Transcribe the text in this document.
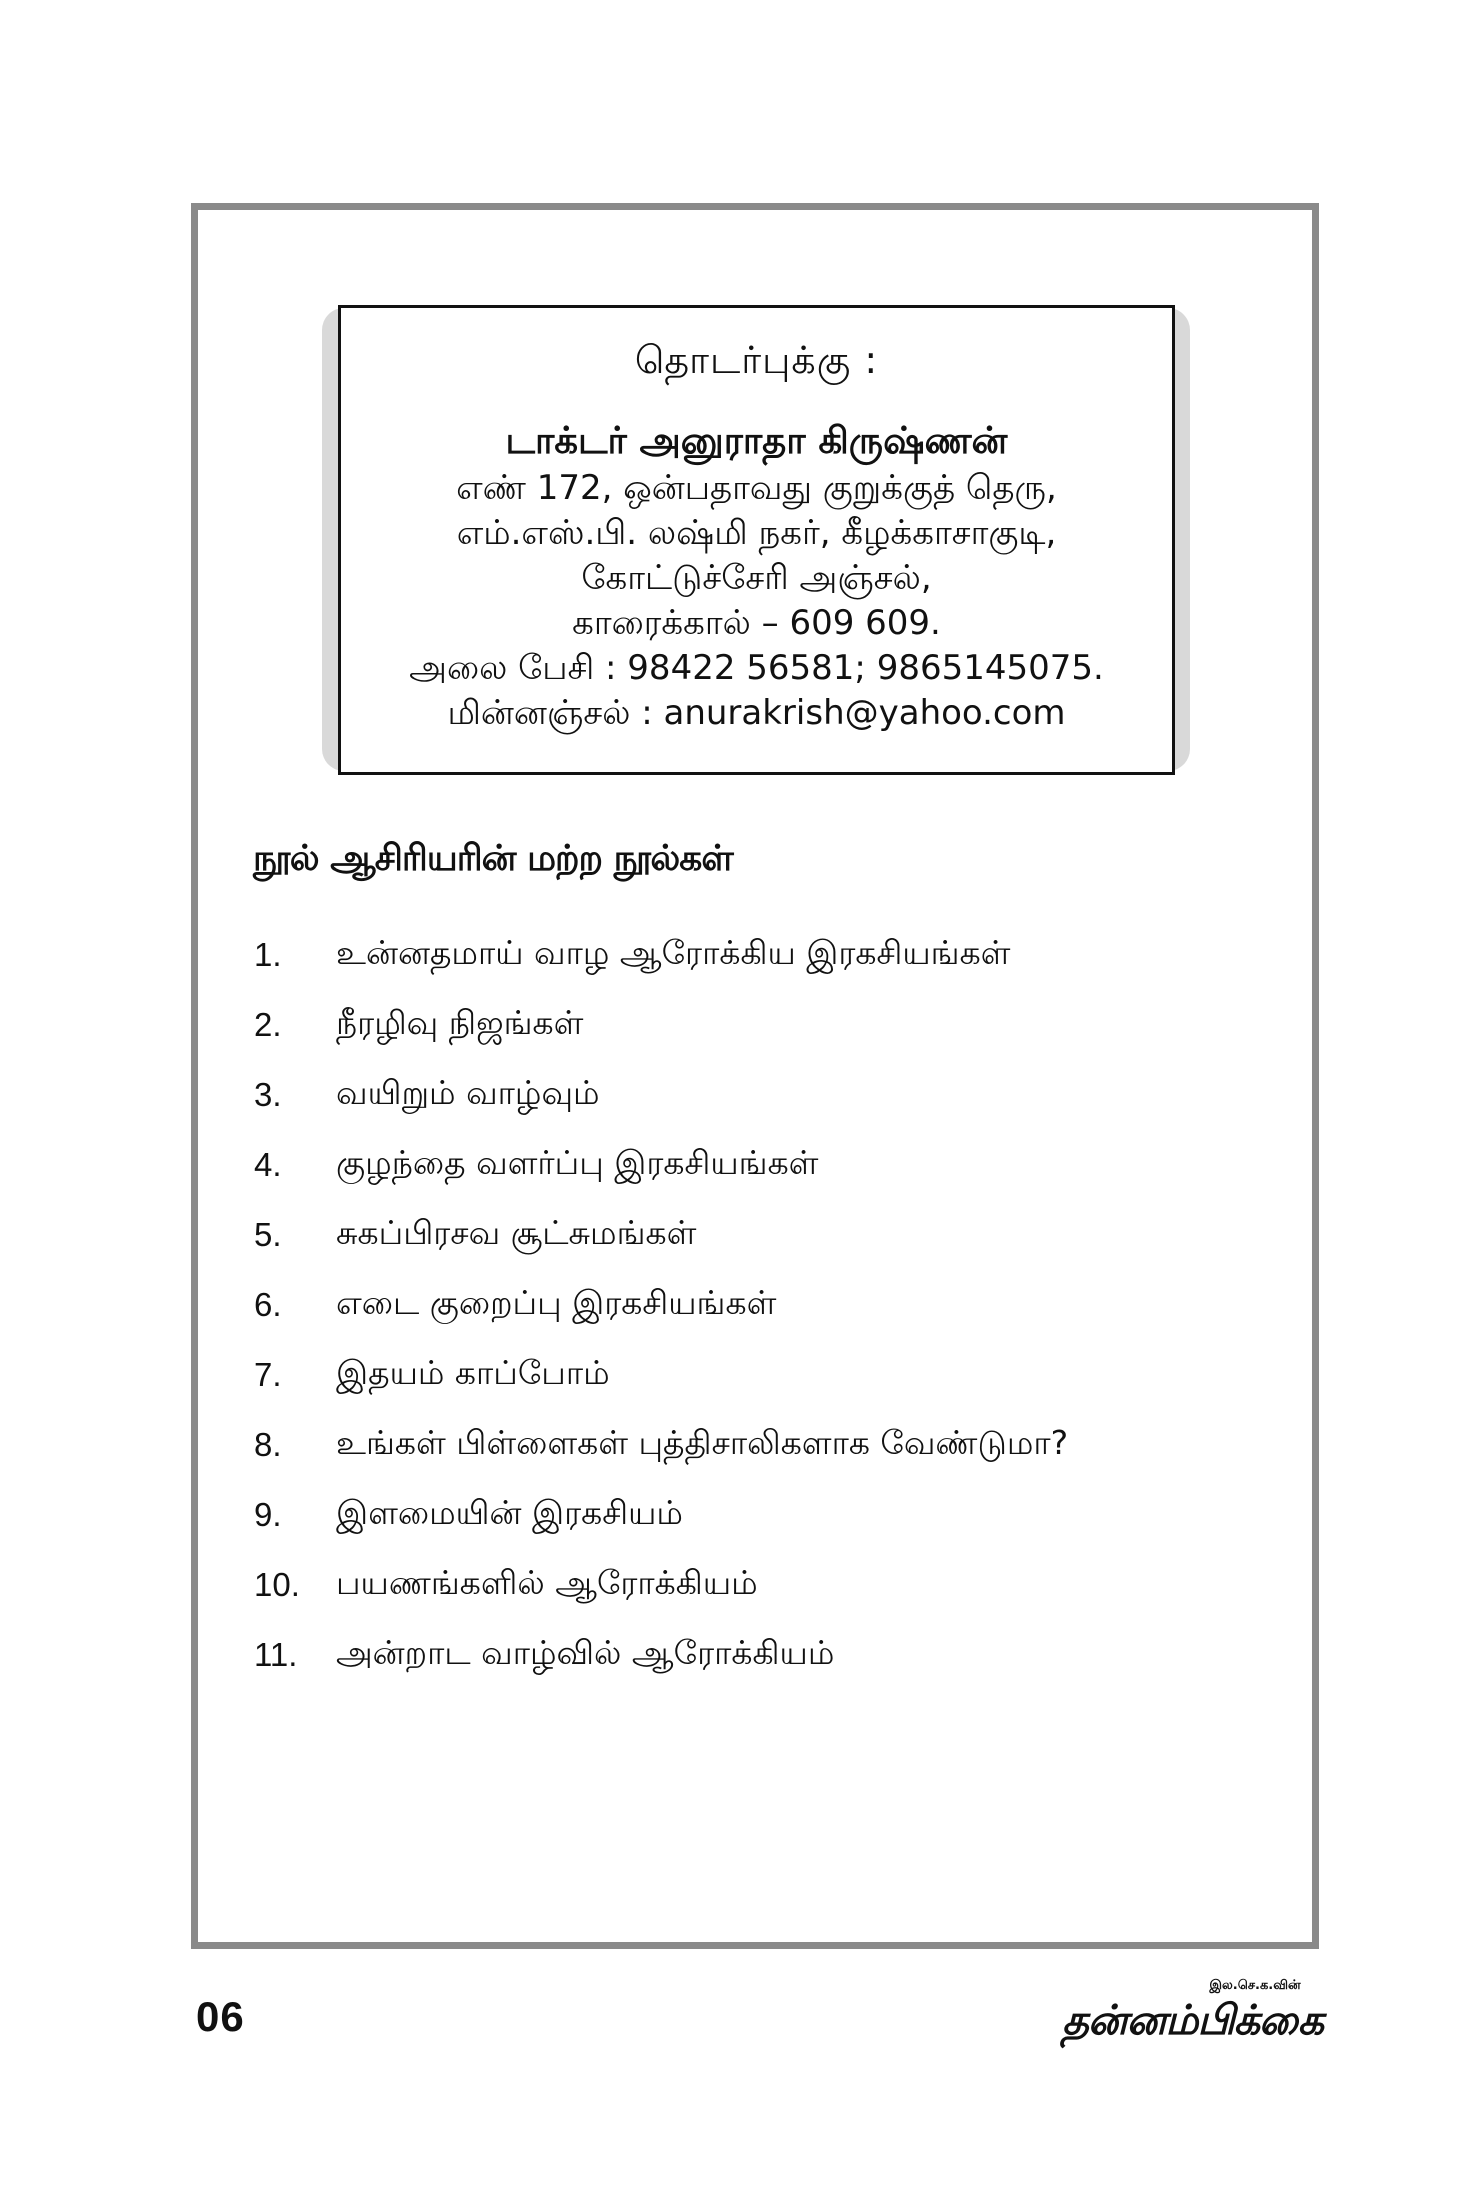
தொடர்புக்கு :
டாக்டர் அனுராதா கிருஷ்ணன்
எண் 172, ஒன்பதாவது குறுக்குத் தெரு,
எம்.எஸ்.பி. லஷ்மி நகர், கீழக்காசாகுடி,
கோட்டுச்சேரி அஞ்சல்,
காரைக்கால் – 609 609.
அலை பேசி : 98422 56581; 9865145075.
மின்னஞ்சல் : anurakrish@yahoo.com
நூல் ஆசிரியரின் மற்ற நூல்கள்
1.	உன்னதமாய் வாழ ஆரோக்கிய இரகசியங்கள்
2.	நீரழிவு நிஜங்கள்
3.	வயிறும் வாழ்வும்
4.	குழந்தை வளர்ப்பு இரகசியங்கள்
5.	சுகப்பிரசவ சூட்சுமங்கள்
6.	எடை குறைப்பு இரகசியங்கள்
7.	இதயம் காப்போம்
8.	உங்கள் பிள்ளைகள் புத்திசாலிகளாக வேண்டுமா?
9.	இளமையின் இரகசியம்
10.	பயணங்களில் ஆரோக்கியம்
11.	அன்றாட வாழ்வில் ஆரோக்கியம்
06
இல.செ.க.வின்
தன்னம்பிக்கை
